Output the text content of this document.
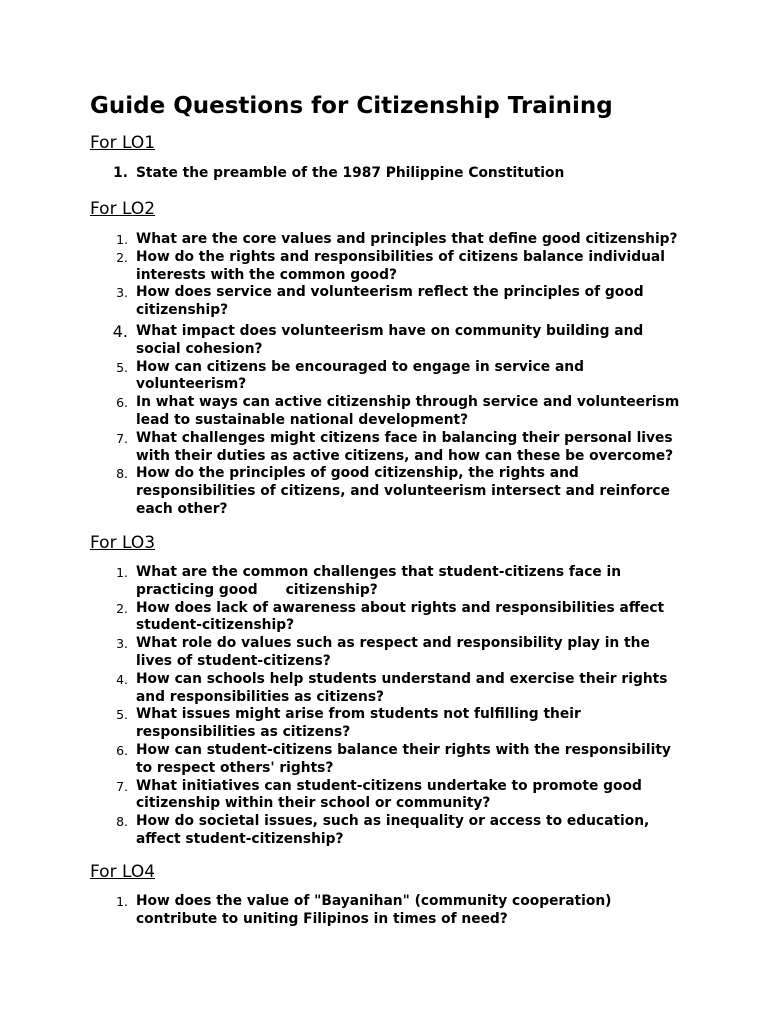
Guide Questions for Citizenship Training
For LO1
1. State the preamble of the 1987 Philippine Constitution
For LO2
1. What are the core values and principles that define good citizenship?
2. How do the rights and responsibilities of citizens balance individual interests with the common good?
3. How does service and volunteerism reflect the principles of good citizenship?
4. What impact does volunteerism have on community building and social cohesion?
5. How can citizens be encouraged to engage in service and volunteerism?
6. In what ways can active citizenship through service and volunteerism lead to sustainable national development?
7. What challenges might citizens face in balancing their personal lives with their duties as active citizens, and how can these be overcome?
8. How do the principles of good citizenship, the rights and responsibilities of citizens, and volunteerism intersect and reinforce each other?
For LO3
1. What are the common challenges that student-citizens face in practicing good citizenship?
2. How does lack of awareness about rights and responsibilities affect student-citizenship?
3. What role do values such as respect and responsibility play in the lives of student-citizens?
4. How can schools help students understand and exercise their rights and responsibilities as citizens?
5. What issues might arise from students not fulfilling their responsibilities as citizens?
6. How can student-citizens balance their rights with the responsibility to respect others' rights?
7. What initiatives can student-citizens undertake to promote good citizenship within their school or community?
8. How do societal issues, such as inequality or access to education, affect student-citizenship?
For LO4
1. How does the value of "Bayanihan" (community cooperation) contribute to uniting Filipinos in times of need?
